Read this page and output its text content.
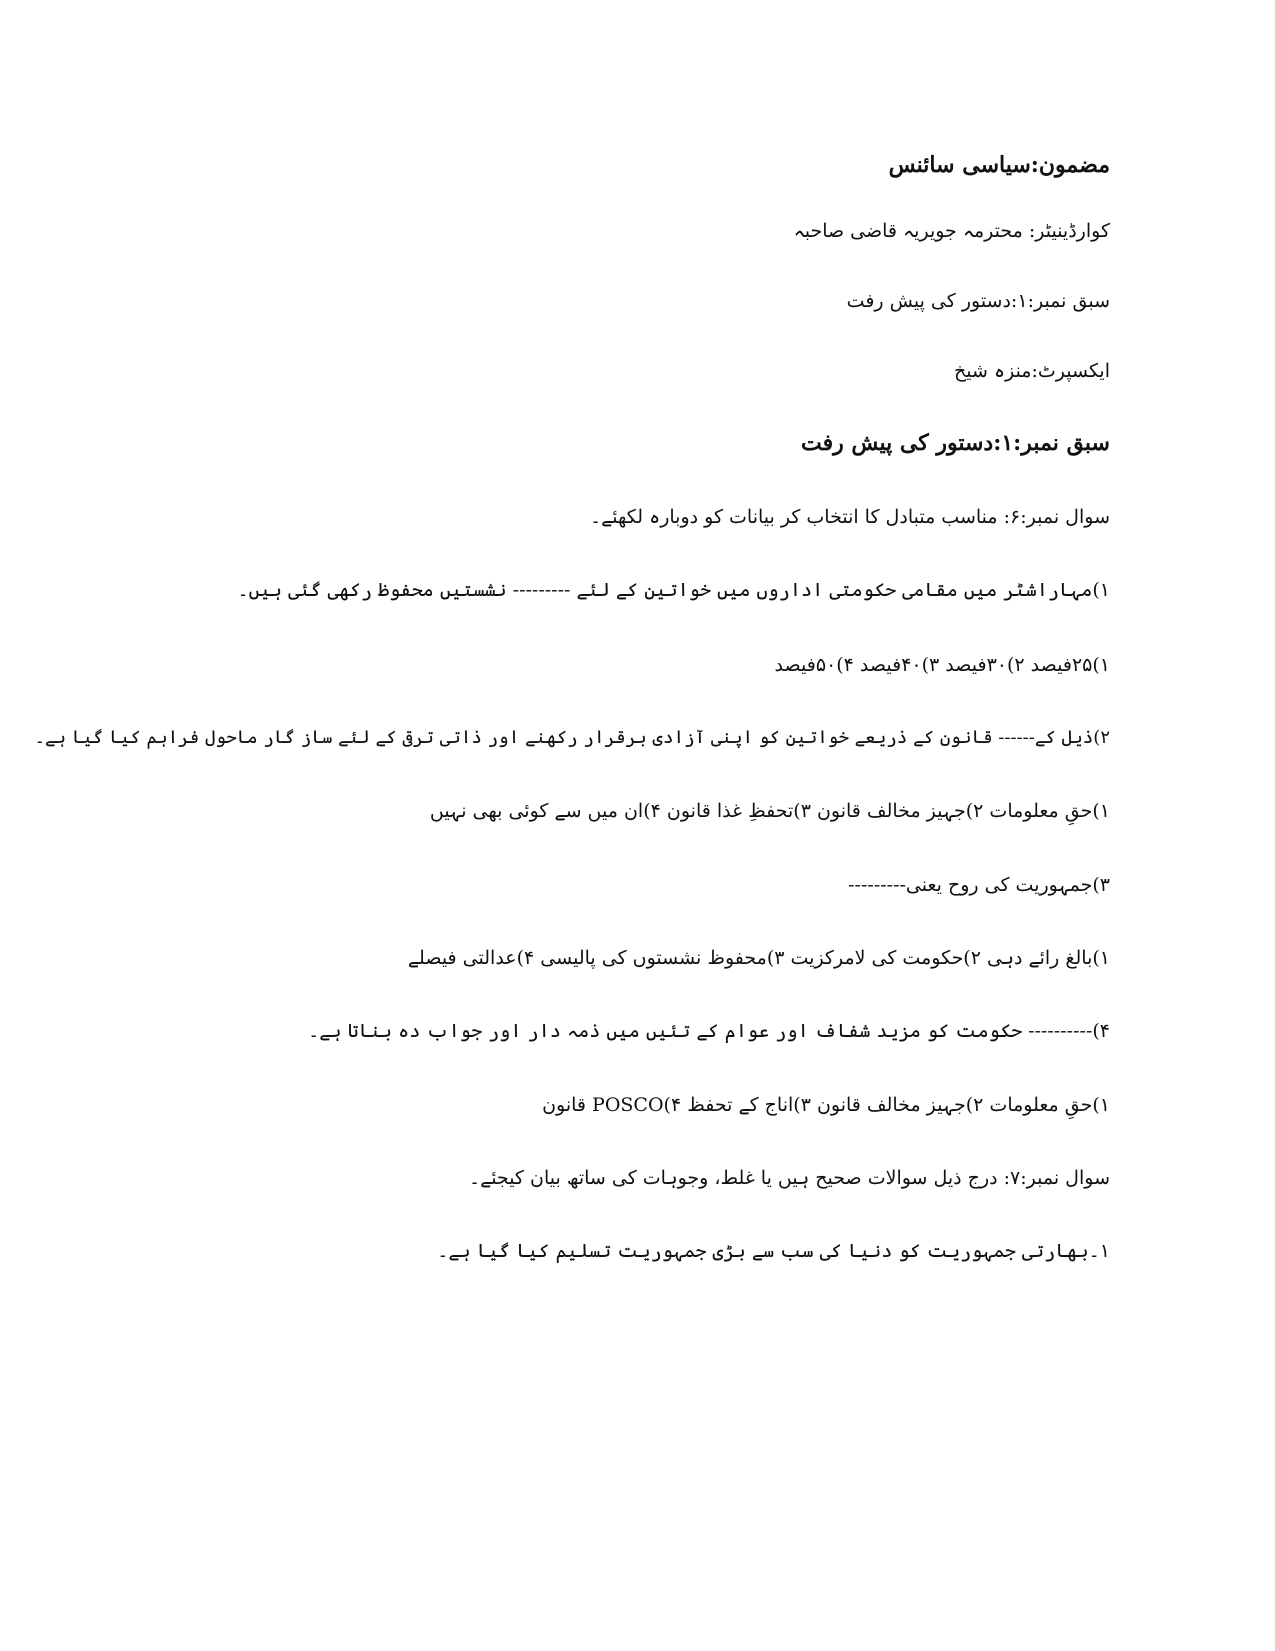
مضمون:سیاسی سائنس
کوارڈینیٹر: محترمہ جویریہ قاضی صاحبہ
سبق نمبر:۱:دستور کی پیش رفت
ایکسپرٹ:منزہ شیخ
سبق نمبر:۱:دستور کی پیش رفت
سوال نمبر:۶: مناسب متبادل کا انتخاب کر بیانات کو دوبارہ لکھئے۔
۱)مہاراشٹر میں مقامی حکومتی اداروں میں خواتین کے لئے --------- نشستیں محفوظ رکھی گئی ہیں۔
۱)۲۵فیصد ۲)۳۰فیصد ۳)۴۰فیصد ۴)۵۰فیصد
۲)ذیل کے------ قانون کے ذریعے خواتین کو اپنی آزادی برقرار رکھنے اور ذاتی ترقی کے لئے ساز گار ماحول فراہم کیا گیا ہے۔
۱)حقِ معلومات ۲)جہیز مخالف قانون ۳)تحفظِ غذا قانون ۴)ان میں سے کوئی بھی نہیں
۳)جمہوریت کی روح یعنی---------
۱)بالغ رائے دہی ۲)حکومت کی لامرکزیت ۳)محفوظ نشستوں کی پالیسی ۴)عدالتی فیصلے
۴)---------- حکومت کو مزید شفاف اور عوام کے تئیں میں ذمہ دار اور جواب دہ بناتا ہے۔
۱)حقِ معلومات ۲)جہیز مخالف قانون ۳)اناج کے تحفظ ۴)POSCO قانون
سوال نمبر:۷: درج ذیل سوالات صحیح ہیں یا غلط، وجوہات کی ساتھ بیان کیجئے۔
۱۔بھارتی جمہوریت کو دنیا کی سب سے بڑی جمہوریت تسلیم کیا گیا ہے۔
